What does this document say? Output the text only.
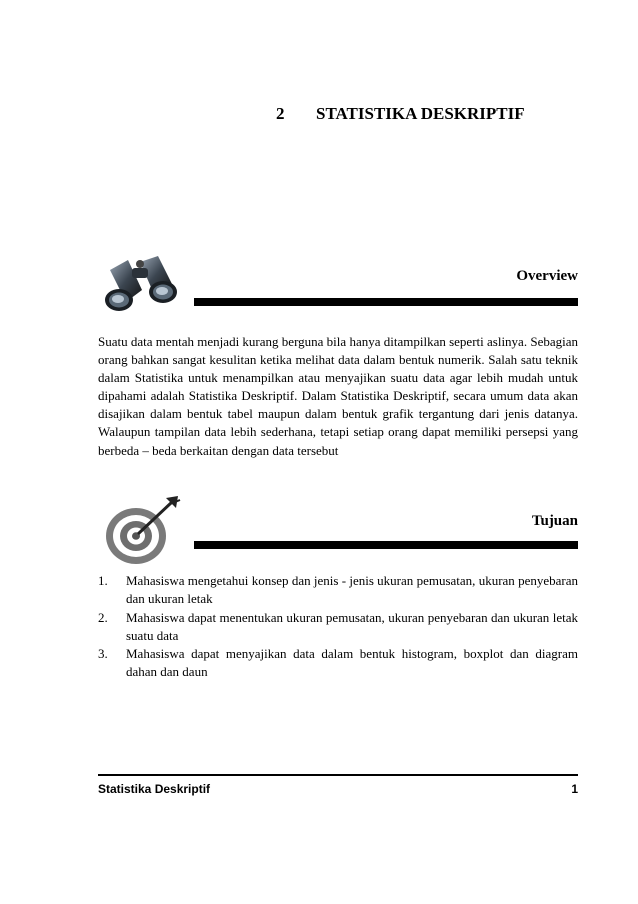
2 STATISTIKA DESKRIPTIF
Overview
Suatu data mentah menjadi kurang berguna bila hanya ditampilkan seperti aslinya. Sebagian orang bahkan sangat kesulitan ketika melihat data dalam bentuk numerik. Salah satu teknik dalam Statistika untuk menampilkan atau menyajikan suatu data agar lebih mudah untuk dipahami adalah Statistika Deskriptif. Dalam Statistika Deskriptif, secara umum data akan disajikan dalam bentuk tabel maupun dalam bentuk grafik tergantung dari jenis datanya. Walaupun tampilan data lebih sederhana, tetapi setiap orang dapat memiliki persepsi yang berbeda – beda berkaitan dengan data tersebut
Tujuan
1.	Mahasiswa mengetahui konsep dan jenis - jenis ukuran pemusatan, ukuran penyebaran dan ukuran letak
2.	Mahasiswa dapat menentukan ukuran pemusatan, ukuran penyebaran dan ukuran letak suatu data
3.	Mahasiswa dapat menyajikan data dalam bentuk histogram, boxplot dan diagram dahan dan daun
Statistika Deskriptif	1
